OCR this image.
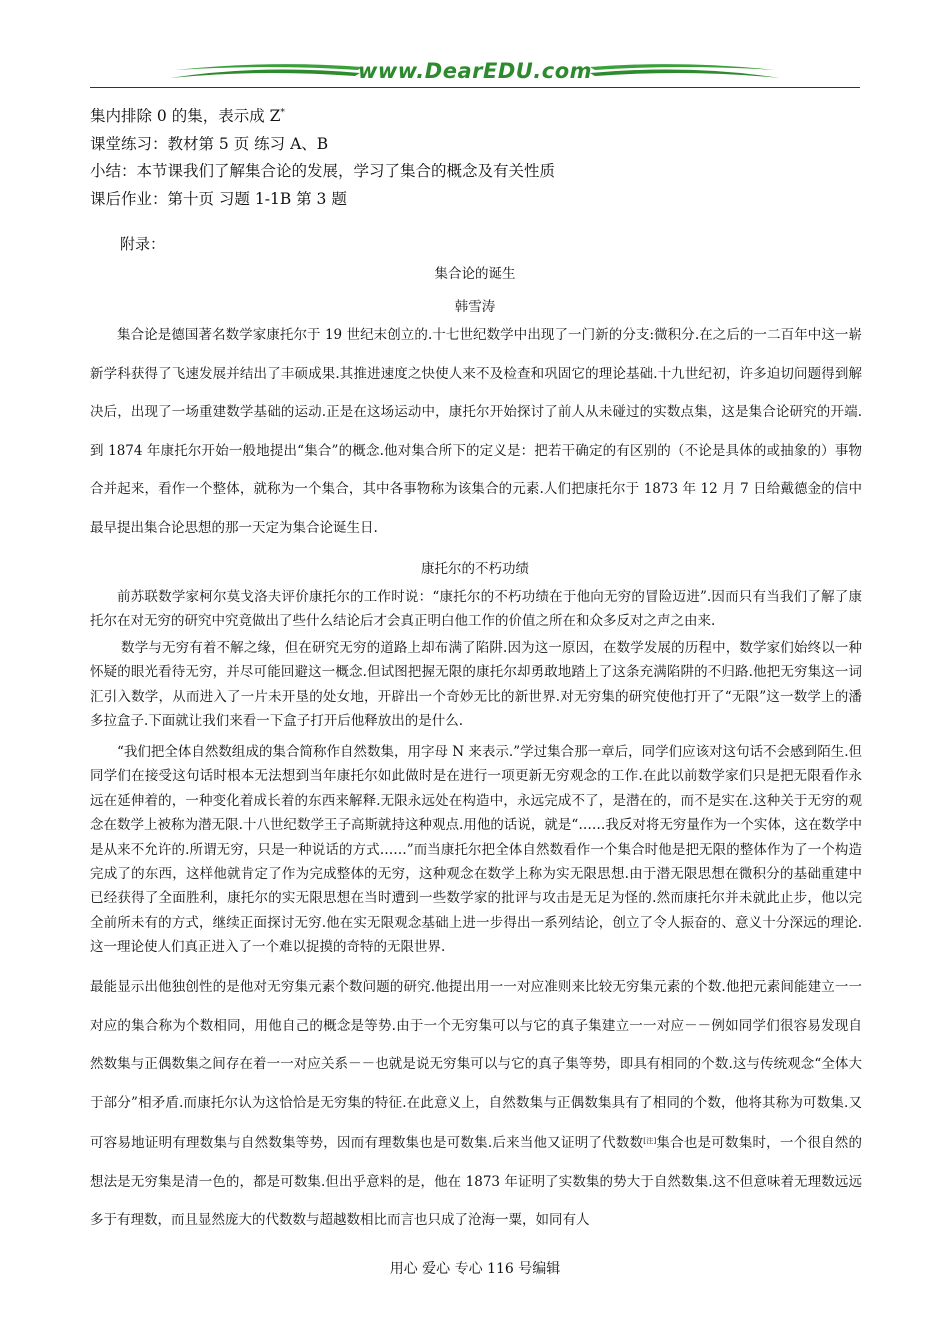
www.DearEDU.com

集内排除 0 的集，表示成 Z*

课堂练习：教材第 5 页 练习 A、B

小结：本节课我们了解集合论的发展，学习了集合的概念及有关性质

课后作业：第十页 习题 1-1B 第 3 题

附录：

集合论的诞生

韩雪涛

集合论是德国著名数学家康托尔于 19 世纪末创立的.十七世纪数学中出现了一门新的分支:微积分.在之后的一二百年中这一崭新学科获得了飞速发展并结出了丰硕成果.其推进速度之快使人来不及检查和巩固它的理论基础.十九世纪初，许多迫切问题得到解决后，出现了一场重建数学基础的运动.正是在这场运动中，康托尔开始探讨了前人从未碰过的实数点集，这是集合论研究的开端.到 1874 年康托尔开始一般地提出“集合”的概念.他对集合所下的定义是：把若干确定的有区别的（不论是具体的或抽象的）事物合并起来，看作一个整体，就称为一个集合，其中各事物称为该集合的元素.人们把康托尔于 1873 年 12 月 7 日给戴德金的信中最早提出集合论思想的那一天定为集合论诞生日.

康托尔的不朽功绩

前苏联数学家柯尔莫戈洛夫评价康托尔的工作时说：“康托尔的不朽功绩在于他向无穷的冒险迈进”.因而只有当我们了解了康托尔在对无穷的研究中究竟做出了些什么结论后才会真正明白他工作的价值之所在和众多反对之声之由来.

数学与无穷有着不解之缘，但在研究无穷的道路上却布满了陷阱.因为这一原因，在数学发展的历程中，数学家们始终以一种怀疑的眼光看待无穷，并尽可能回避这一概念.但试图把握无限的康托尔却勇敢地踏上了这条充满陷阱的不归路.他把无穷集这一词汇引入数学，从而进入了一片未开垦的处女地，开辟出一个奇妙无比的新世界.对无穷集的研究使他打开了“无限”这一数学上的潘多拉盒子.下面就让我们来看一下盒子打开后他释放出的是什么.

“我们把全体自然数组成的集合简称作自然数集，用字母 N 来表示.”学过集合那一章后，同学们应该对这句话不会感到陌生.但同学们在接受这句话时根本无法想到当年康托尔如此做时是在进行一项更新无穷观念的工作.在此以前数学家们只是把无限看作永远在延伸着的，一种变化着成长着的东西来解释.无限永远处在构造中，永远完成不了，是潜在的，而不是实在.这种关于无穷的观念在数学上被称为潜无限.十八世纪数学王子高斯就持这种观点.用他的话说，就是“……我反对将无穷量作为一个实体，这在数学中是从来不允许的.所谓无穷，只是一种说话的方式……”而当康托尔把全体自然数看作一个集合时他是把无限的整体作为了一个构造完成了的东西，这样他就肯定了作为完成整体的无穷，这种观念在数学上称为实无限思想.由于潜无限思想在微积分的基础重建中已经获得了全面胜利，康托尔的实无限思想在当时遭到一些数学家的批评与攻击是无足为怪的.然而康托尔并未就此止步，他以完全前所未有的方式，继续正面探讨无穷.他在实无限观念基础上进一步得出一系列结论，创立了令人振奋的、意义十分深远的理论.这一理论使人们真正进入了一个难以捉摸的奇特的无限世界.

最能显示出他独创性的是他对无穷集元素个数问题的研究.他提出用一一对应准则来比较无穷集元素的个数.他把元素间能建立一一对应的集合称为个数相同，用他自己的概念是等势.由于一个无穷集可以与它的真子集建立一一对应－－例如同学们很容易发现自然数集与正偶数集之间存在着一一对应关系－－也就是说无穷集可以与它的真子集等势，即具有相同的个数.这与传统观念“全体大于部分”相矛盾.而康托尔认为这恰恰是无穷集的特征.在此意义上，自然数集与正偶数集具有了相同的个数，他将其称为可数集.又可容易地证明有理数集与自然数集等势，因而有理数集也是可数集.后来当他又证明了代数数[注]集合也是可数集时，一个很自然的想法是无穷集是清一色的，都是可数集.但出乎意料的是，他在 1873 年证明了实数集的势大于自然数集.这不但意味着无理数远远多于有理数，而且显然庞大的代数数与超越数相比而言也只成了沧海一粟，如同有人

用心 爱心 专心 116 号编辑
